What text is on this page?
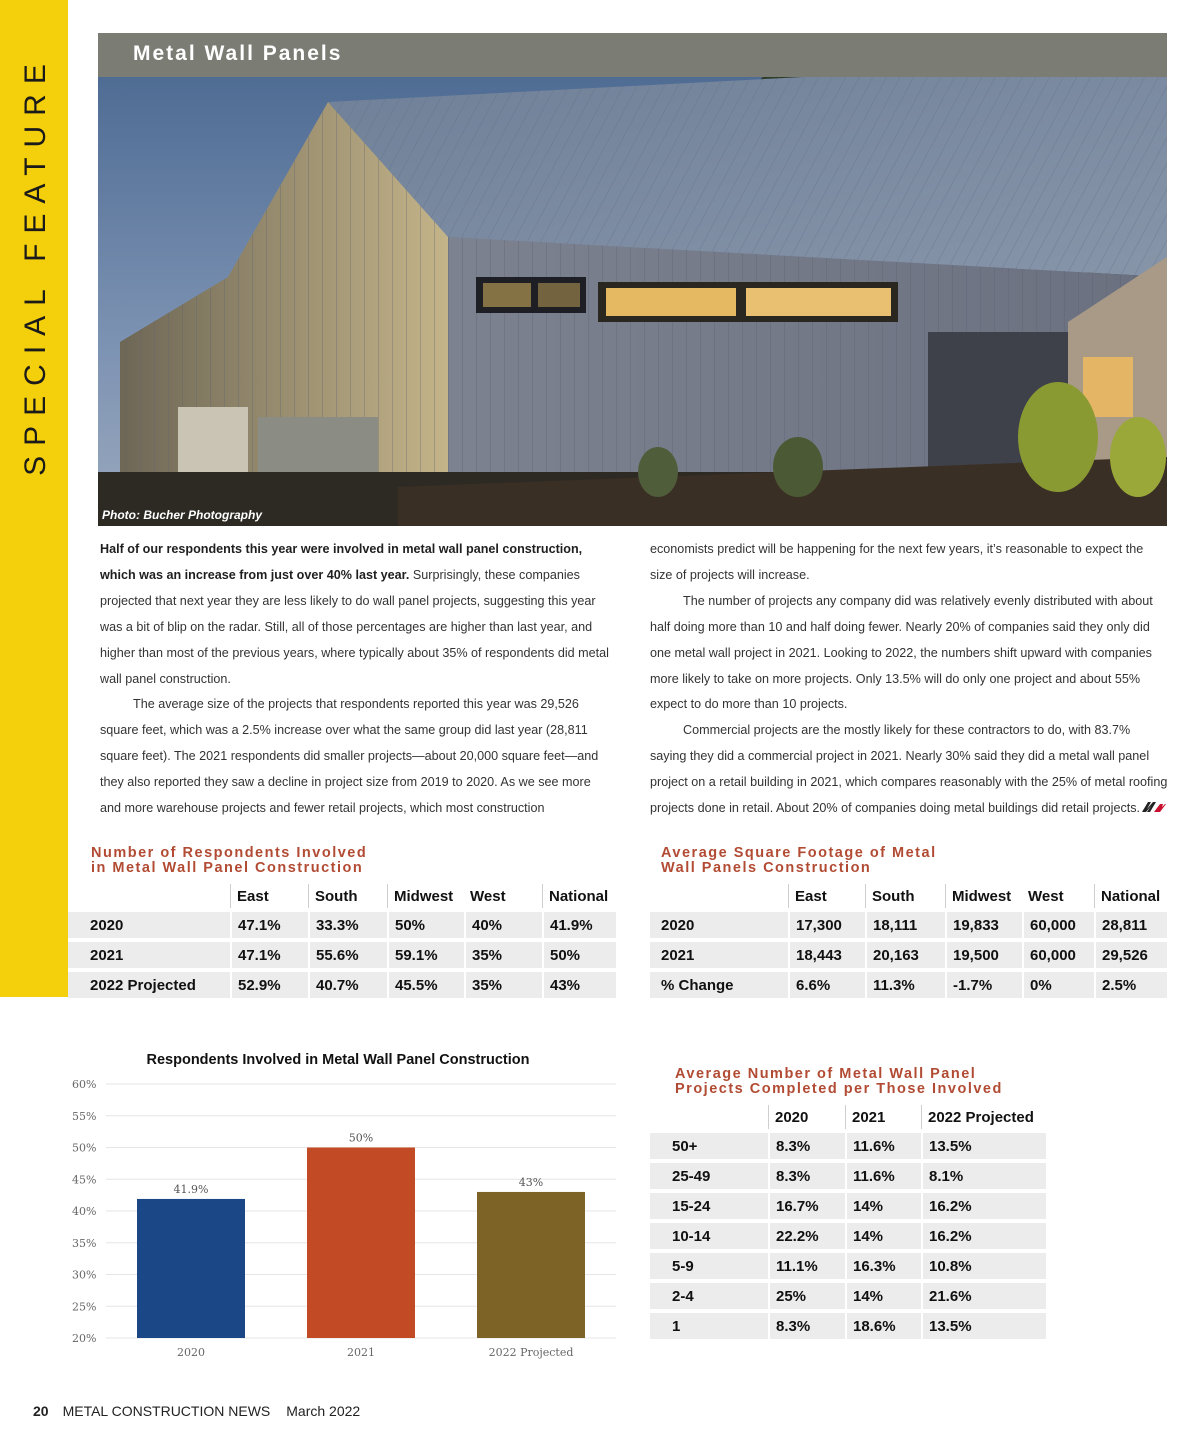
SPECIAL FEATURE
Metal Wall Panels
Photo: Bucher Photography

Half of our respondents this year were involved in metal wall panel construction, which was an increase from just over 40% last year. Surprisingly, these companies projected that next year they are less likely to do wall panel projects, suggesting this year was a bit of blip on the radar. Still, all of those percentages are higher than last year, and higher than most of the previous years, where typically about 35% of respondents did metal wall panel construction.

The average size of the projects that respondents reported this year was 29,526 square feet, which was a 2.5% increase over what the same group did last year (28,811 square feet). The 2021 respondents did smaller projects—about 20,000 square feet—and they also reported they saw a decline in project size from 2019 to 2020. As we see more and more warehouse projects and fewer retail projects, which most construction

economists predict will be happening for the next few years, it’s reasonable to expect the size of projects will increase.

The number of projects any company did was relatively evenly distributed with about half doing more than 10 and half doing fewer. Nearly 20% of companies said they only did one metal wall project in 2021. Looking to 2022, the numbers shift upward with companies more likely to take on more projects. Only 13.5% will do only one project and about 55% expect to do more than 10 projects.

Commercial projects are the mostly likely for these contractors to do, with 83.7% saying they did a commercial project in 2021. Nearly 30% said they did a metal wall panel project on a retail building in 2021, which compares reasonably with the 25% of metal roofing projects done in retail. About 20% of companies doing metal buildings did retail projects.

Number of Respondents Involved
in Metal Wall Panel Construction
	East	South	Midwest	West	National
2020	47.1%	33.3%	50%	40%	41.9%
2021	47.1%	55.6%	59.1%	35%	50%
2022 Projected	52.9%	40.7%	45.5%	35%	43%
Average Square Footage of Metal
Wall Panels Construction
	East	South	Midwest	West	National
2020	17,300	18,111	19,833	60,000	28,811
2021	18,443	20,163	19,500	60,000	29,526
% Change	6.6%	11.3%	-1.7%	0%	2.5%
Respondents Involved in Metal Wall Panel Construction
20%
25%
30%
35%
40%
45%
50%
55%
60%
41.9%
2020
50%
2021
43%
2022 Projected
Average Number of Metal Wall Panel
Projects Completed per Those Involved
	2020	2021	2022 Projected
50+	8.3%	11.6%	13.5%
25-49	8.3%	11.6%	8.1%
15-24	16.7%	14%	16.2%
10-14	22.2%	14%	16.2%
5-9	11.1%	16.3%	10.8%
2-4	25%	14%	21.6%
1	8.3%	18.6%	13.5%
20 METAL CONSTRUCTION NEWS March 2022
